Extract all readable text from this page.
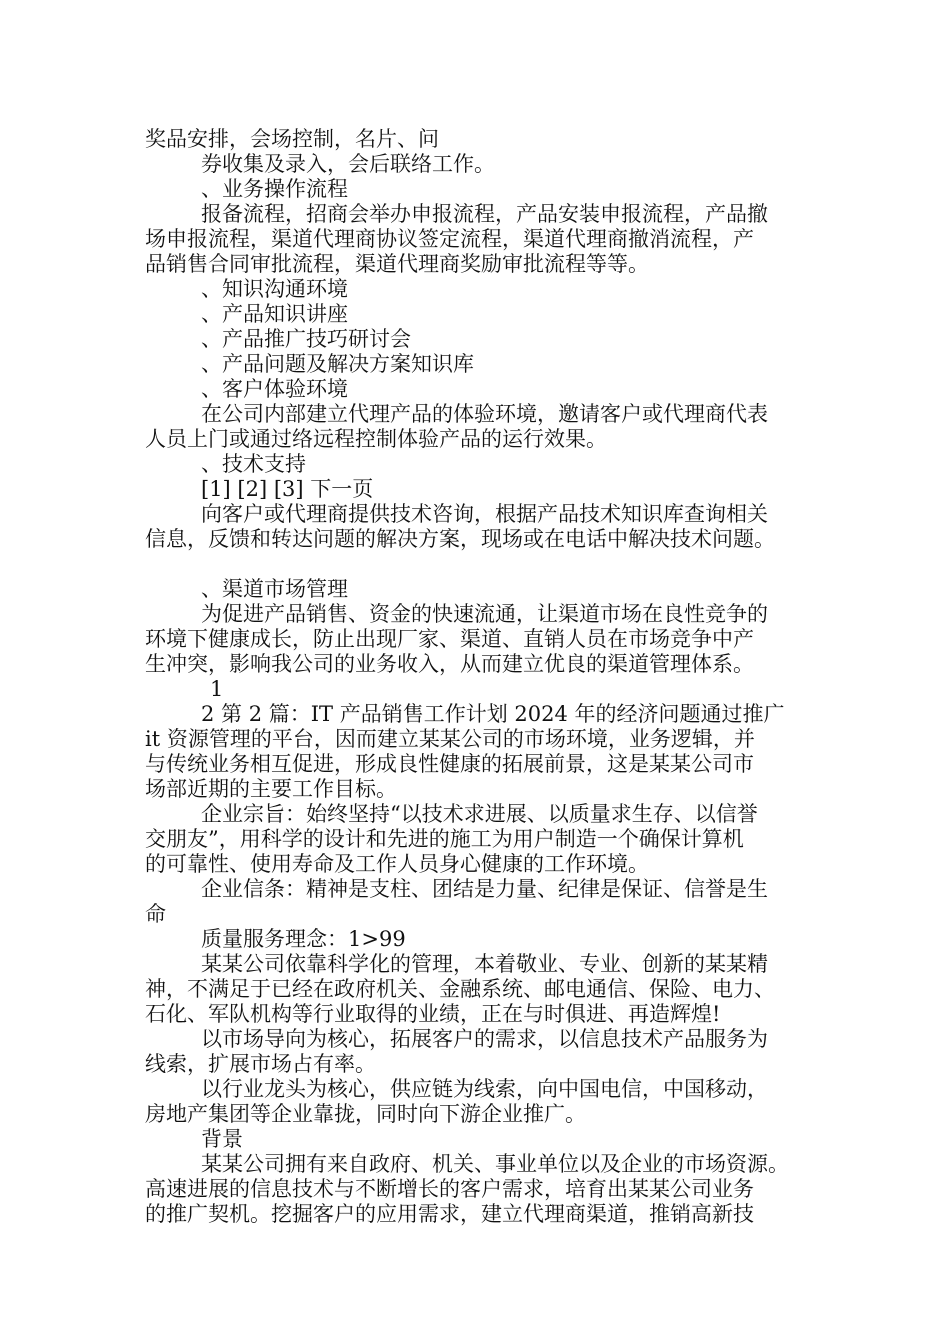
奖品安排，会场控制，名片、问
券收集及录入，会后联络工作。
、业务操作流程
报备流程，招商会举办申报流程，产品安装申报流程，产品撤
场申报流程，渠道代理商协议签定流程，渠道代理商撤消流程，产
品销售合同审批流程，渠道代理商奖励审批流程等等。
、知识沟通环境
、产品知识讲座
、产品推广技巧研讨会
、产品问题及解决方案知识库
、客户体验环境
在公司内部建立代理产品的体验环境，邀请客户或代理商代表
人员上门或通过络远程控制体验产品的运行效果。
、技术支持
[1] [2] [3] 下一页
向客户或代理商提供技术咨询，根据产品技术知识库查询相关
信息，反馈和转达问题的解决方案，现场或在电话中解决技术问题。
、渠道市场管理
为促进产品销售、资金的快速流通，让渠道市场在良性竞争的
环境下健康成长，防止出现厂家、渠道、直销人员在市场竞争中产
生冲突，影响我公司的业务收入，从而建立优良的渠道管理体系。
1
2 第 2 篇：IT 产品销售工作计划 2024 年的经济问题通过推广
it 资源管理的平台，因而建立某某公司的市场环境，业务逻辑，并
与传统业务相互促进，形成良性健康的拓展前景，这是某某公司市
场部近期的主要工作目标。
企业宗旨：始终坚持“以技术求进展、以质量求生存、以信誉
交朋友”，用科学的设计和先进的施工为用户制造一个确保计算机
的可靠性、使用寿命及工作人员身心健康的工作环境。
企业信条：精神是支柱、团结是力量、纪律是保证、信誉是生
命
质量服务理念：1>99
某某公司依靠科学化的管理，本着敬业、专业、创新的某某精
神，不满足于已经在政府机关、金融系统、邮电通信、保险、电力、
石化、军队机构等行业取得的业绩，正在与时俱进、再造辉煌!
以市场导向为核心，拓展客户的需求，以信息技术产品服务为
线索，扩展市场占有率。
以行业龙头为核心，供应链为线索，向中国电信，中国移动，
房地产集团等企业靠拢，同时向下游企业推广。
背景
某某公司拥有来自政府、机关、事业单位以及企业的市场资源。
高速进展的信息技术与不断增长的客户需求，培育出某某公司业务
的推广契机。挖掘客户的应用需求，建立代理商渠道，推销高新技
